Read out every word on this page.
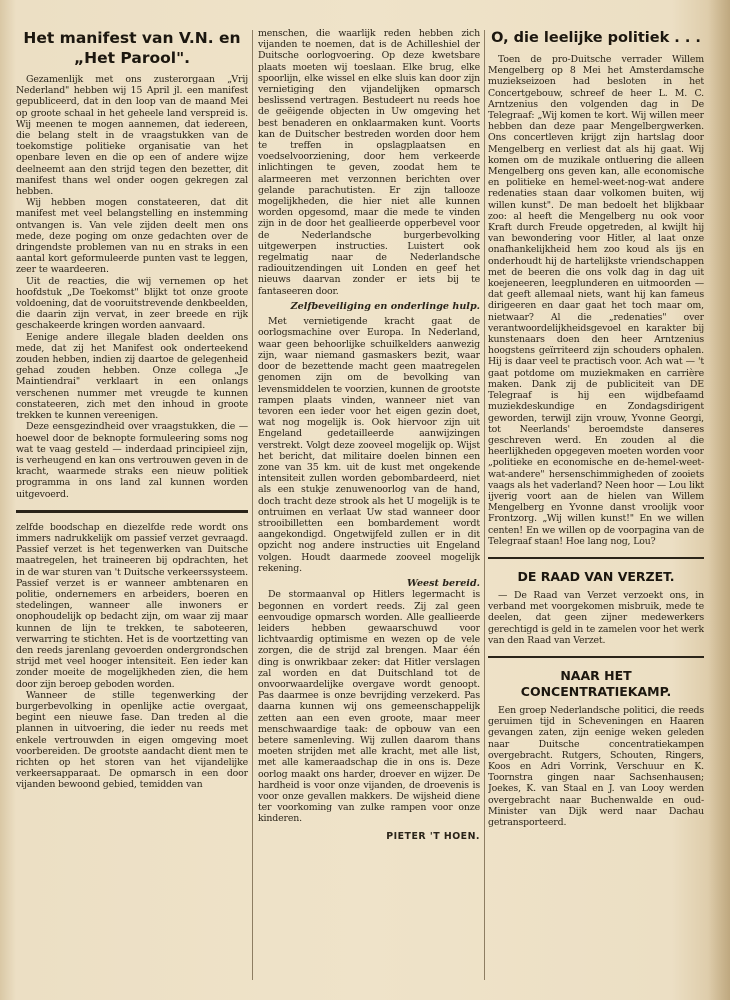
Het manifest van V.N. en „Het Parool".

Gezamenlijk met ons zusterorgaan „Vrij Nederland" hebben wij 15 April jl. een manifest gepubliceerd, dat in den loop van de maand Mei op groote schaal in het geheele land verspreid is. Wij meenen te mogen aannemen, dat iedereen, die belang stelt in de vraagstukken van de toekomstige politieke organisatie van het openbare leven en die op een of andere wijze deelneemt aan den strijd tegen den bezetter, dit manifest thans wel onder oogen gekregen zal hebben.

Wij hebben mogen constateeren, dat dit manifest met veel belangstelling en instemming ontvangen is. Van vele zijden deelt men ons mede, deze poging om onze gedachten over de dringendste problemen van nu en straks in een aantal kort geformuleerde punten vast te leggen, zeer te waardeeren.

Uit de reacties, die wij vernemen op het hoofdstuk „De Toekomst" blijkt tot onze groote voldoening, dat de vooruitstrevende denkbeelden, die daarin zijn vervat, in zeer breede en rijk geschakeerde kringen worden aanvaard.

Eenige andere illegale bladen deelden ons mede, dat zij het Manifest ook onderteekend zouden hebben, indien zij daartoe de gelegenheid gehad zouden hebben. Onze collega „Je Maintiendrai" verklaart in een onlangs verschenen nummer met vreugde te kunnen constateeren, zich met den inhoud in groote trekken te kunnen vereenigen.

Deze eensgezindheid over vraagstukken, die — hoewel door de beknopte formuleering soms nog wat te vaag gesteld — inderdaad principieel zijn, is verheugend en kan ons vertrouwen geven in de kracht, waarmede straks een nieuw politiek programma in ons land zal kunnen worden uitgevoerd.

zelfde boodschap en diezelfde rede wordt ons immers nadrukkelijk om passief verzet gevraagd. Passief verzet is het tegenwerken van Duitsche maatregelen, het traineeren bij opdrachten, het in de war sturen van 't Duitsche verkeerssysteem. Passief verzet is er wanneer ambtenaren en politie, ondernemers en arbeiders, boeren en stedelingen, wanneer alle inwoners er onophoudelijk op bedacht zijn, om waar zij maar kunnen de lijn te trekken, te saboteeren, verwarring te stichten. Het is de voortzetting van den reeds jarenlang gevoerden ondergrondschen strijd met veel hooger intensiteit. Een ieder kan zonder moeite de mogelijkheden zien, die hem door zijn beroep geboden worden.

Wanneer de stille tegenwerking der burgerbevolking in openlijke actie overgaat, begint een nieuwe fase. Dan treden al die plannen in uitvoering, die ieder nu reeds met enkele vertrouwden in eigen omgeving moet voorbereiden. De grootste aandacht dient men te richten op het storen van het vijandelijke verkeersapparaat. De opmarsch in een door vijanden bewoond gebied, temidden van

menschen, die waarlijk reden hebben zich vijanden te noemen, dat is de Achilleshiel der Duitsche oorlogvoering. Op deze kwetsbare plaats moeten wij toeslaan. Elke brug, elke spoorlijn, elke wissel en elke sluis kan door zijn vernietiging den vijandelijken opmarsch beslissend vertragen. Bestudeert nu reeds hoe de geëigende objecten in Uw omgeving het best benaderen en onklaarmaken kunt. Voorts kan de Duitscher bestreden worden door hem te treffen in opslagplaatsen en voedselvoorziening, door hem verkeerde inlichtingen te geven, zoodat hem te alarmeeren met verzonnen berichten over gelande parachutisten. Er zijn tallooze mogelijkheden, die hier niet alle kunnen worden opgesomd, maar die mede te vinden zijn in de door het geallieerde opperbevel voor de Nederlandsche burgerbevolking uitgewerpen instructies. Luistert ook regelmatig naar de Nederlandsche radiouitzendingen uit Londen en geef het nieuws daarvan zonder er iets bij te fantaseeren door.

Zelfbeveiliging en onderlinge hulp.

Met vernietigende kracht gaat de oorlogsmachine over Europa. In Nederland, waar geen behoorlijke schuilkelders aanwezig zijn, waar niemand gasmaskers bezit, waar door de bezettende macht geen maatregelen genomen zijn om de bevolking van levensmiddelen te voorzien, kunnen de grootste rampen plaats vinden, wanneer niet van tevoren een ieder voor het eigen gezin doet, wat nog mogelijk is. Ook hiervoor zijn uit Engeland gedetailleerde aanwijzingen verstrekt. Volgt deze zooveel mogelijk op. Wijst het bericht, dat militaire doelen binnen een zone van 35 km. uit de kust met ongekende intensiteit zullen worden gebombardeerd, niet als een stukje zenuwenoorlog van de hand, doch tracht deze strook als het U mogelijk is te ontruimen en verlaat Uw stad wanneer door strooibilletten een bombardement wordt aangekondigd. Ongetwijfeld zullen er in dit opzicht nog andere instructies uit Engeland volgen. Houdt daarmede zooveel mogelijk rekening.

Weest bereid.

De stormaanval op Hitlers legermacht is begonnen en vordert reeds. Zij zal geen eenvoudige opmarsch worden. Alle geallieerde leiders hebben gewaarschuwd voor lichtvaardig optimisme en wezen op de vele zorgen, die de strijd zal brengen. Maar één ding is onwrikbaar zeker: dat Hitler verslagen zal worden en dat Duitschland tot de onvoorwaardelijke overgave wordt genoopt. Pas daarmee is onze bevrijding verzekerd. Pas daarna kunnen wij ons gemeenschappelijk zetten aan een even groote, maar meer menschwaardige taak: de opbouw van een betere samenleving. Wij zullen daarom thans moeten strijden met alle kracht, met alle list, met alle kameraadschap die in ons is. Deze oorlog maakt ons harder, droever en wijzer. De hardheid is voor onze vijanden, de droevenis is voor onze gevallen makkers. De wijsheid diene ter voorkoming van zulke rampen voor onze kinderen.

PIETER 'T HOEN.
O, die leelijke politiek . . .

Toen de pro-Duitsche verrader Willem Mengelberg op 8 Mei het Amsterdamsche muziekseizoen had besloten in het Concertgebouw, schreef de heer L. M. C. Arntzenius den volgenden dag in De Telegraaf: „Wij komen te kort. Wij willen meer hebben dan deze paar Mengelbergwerken. Ons concertleven krijgt zijn hartslag door Mengelberg en verliest dat als hij gaat. Wij komen om de muzikale ontluering die alleen Mengelberg ons geven kan, alle economische en politieke en hemel-weet-nog-wat andere redenaties staan daar volkomen buiten, wij willen kunst". De man bedoelt het blijkbaar zoo: al heeft die Mengelberg nu ook voor Kraft durch Freude opgetreden, al kwijlt hij van bewondering voor Hitler, al laat onze onafhankelijkheid hem zoo koud als ijs en onderhoudt hij de hartelijkste vriendschappen met de beeren die ons volk dag in dag uit koejeneeren, leegplunderen en uitmoorden — dat geeft allemaal niets, want hij kan fameus dirigeeren en daar gaat het toch maar om, nietwaar? Al die „redenaties" over verantwoordelijkheidsgevoel en karakter bij kunstenaars doen den heer Arntzenius hoogstens geïrriteerd zijn schouders ophalen. Hij is daar veel te practisch voor. Ach wat — 't gaat potdome om muziekmaken en carrière maken. Dank zij de publiciteit van DE Telegraaf is hij een wijdbefaamd muziekdeskundige en Zondagsdirigent geworden, terwijl zijn vrouw, Yvonne Georgi, tot Neerlands' beroemdste danseres geschreven werd. En zouden al die heerlijkheden opgegeven moeten worden voor „politieke en economische en de-hemel-weet-wat-andere" hersenschimmigheden of zooiets vaags als het vaderland? Neen hoor — Lou likt ijverig voort aan de hielen van Willem Mengelberg en Yvonne danst vroolijk voor Frontzorg. „Wij willen kunst!" En we willen centen! En we willen op de voorpagina van de Telegraaf staan! Hoe lang nog, Lou?

DE RAAD VAN VERZET.

— De Raad van Verzet verzoekt ons, in verband met voorgekomen misbruik, mede te deelen, dat geen zijner medewerkers gerechtigd is geld in te zamelen voor het werk van den Raad van Verzet.

NAAR HET CONCENTRATIEKAMP.

Een groep Nederlandsche politici, die reeds geruimen tijd in Scheveningen en Haaren gevangen zaten, zijn eenige weken geleden naar Duitsche concentratiekampen overgebracht. Rutgers, Schouten, Ringers, Koos en Adri Vorrink, Verschuur en K. Toornstra gingen naar Sachsenhausen; Joekes, K. van Staal en J. van Looy werden overgebracht naar Buchenwalde en oud-Minister van Dijk werd naar Dachau getransporteerd.
